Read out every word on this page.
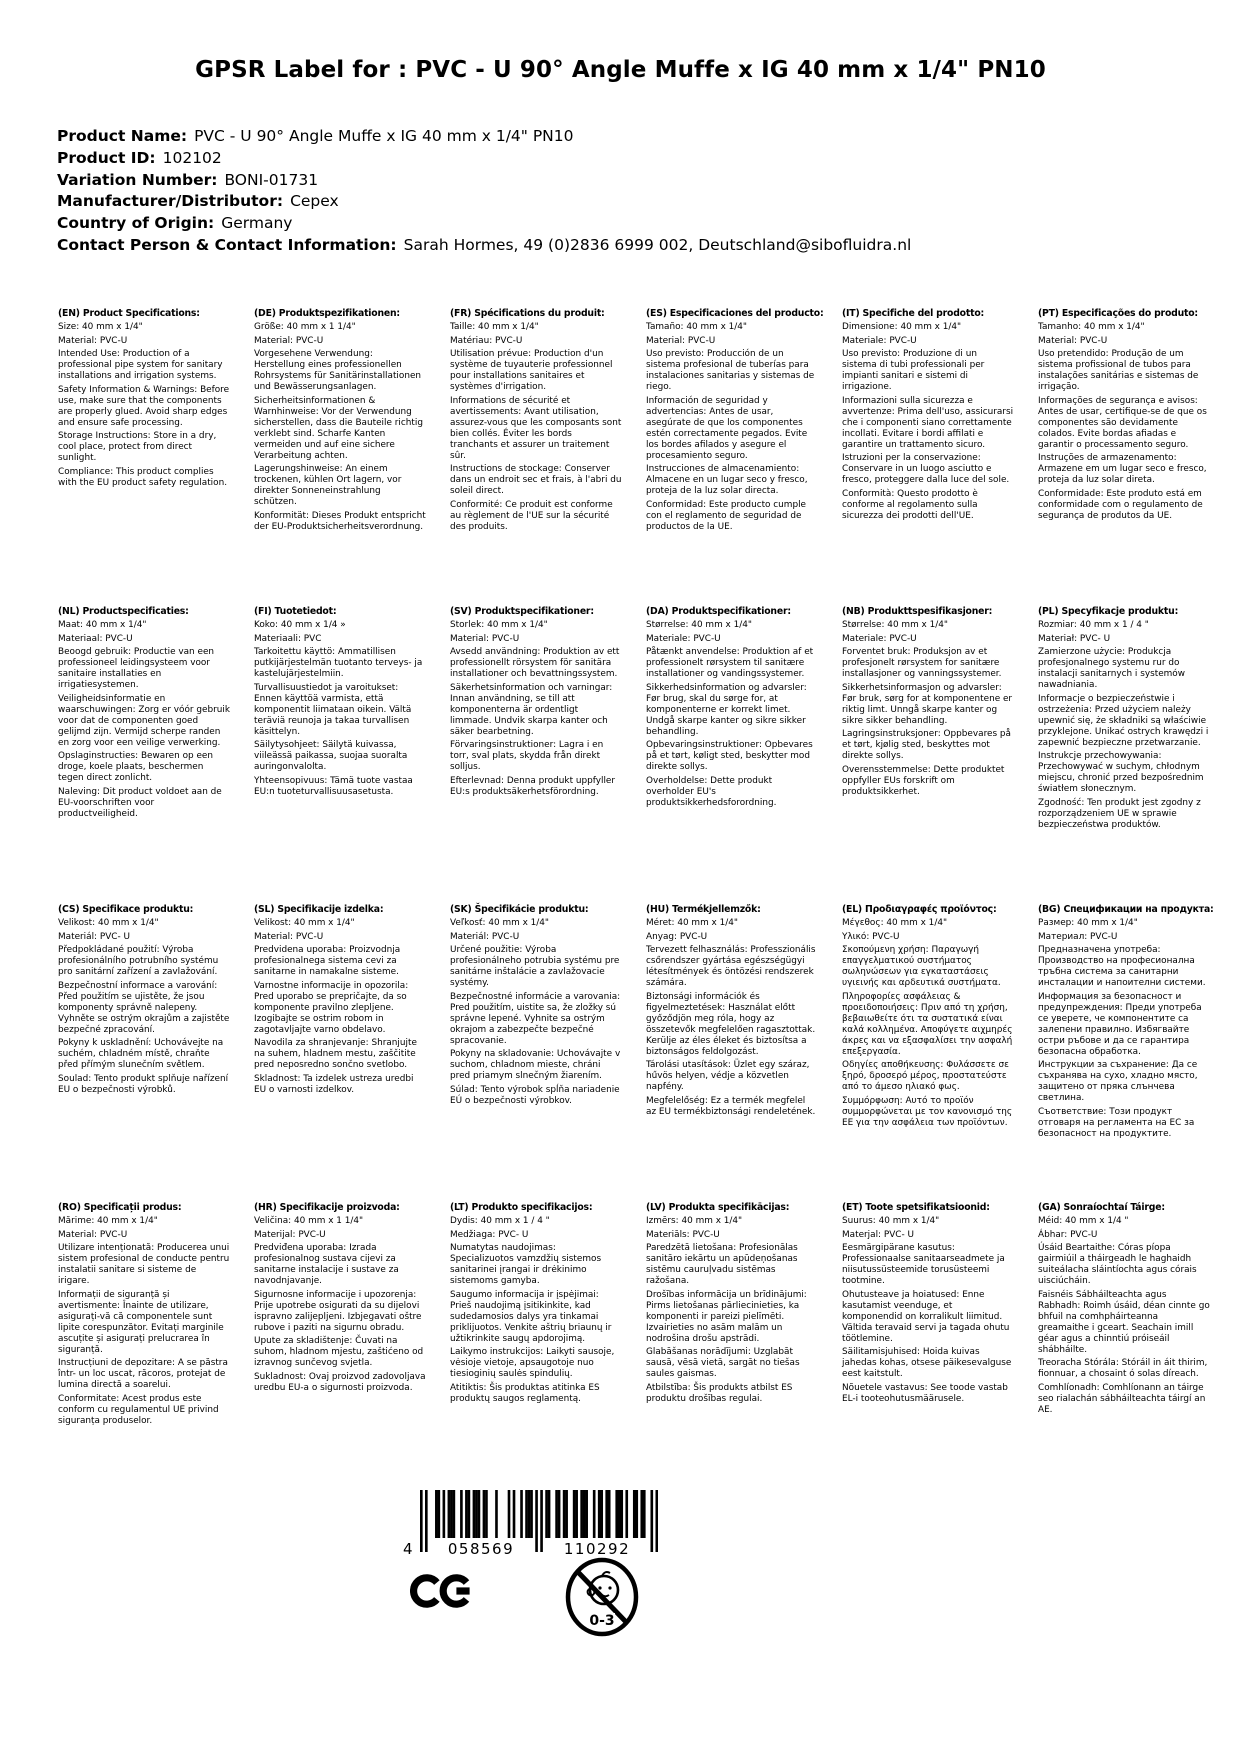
GPSR Label for : PVC - U 90° Angle Muffe x IG 40 mm x 1/4" PN10
Product Name: PVC - U 90° Angle Muffe x IG 40 mm x 1/4" PN10
Product ID: 102102
Variation Number: BONI-01731
Manufacturer/Distributor: Cepex
Country of Origin: Germany
Contact Person & Contact Information: Sarah Hormes, 49 (0)2836 6999 002, Deutschland@sibofluidra.nl
(EN) Product Specifications:
Size: 40 mm x 1/4"
Material: PVC-U
Intended Use: Production of a professional pipe system for sanitary installations and irrigation systems.
Safety Information & Warnings: Before use, make sure that the components are properly glued. Avoid sharp edges and ensure safe processing.
Storage Instructions: Store in a dry, cool place, protect from direct sunlight.
Compliance: This product complies with the EU product safety regulation.
(DE) Produktspezifikationen:
Größe: 40 mm x 1 1/4"
Material: PVC-U
Vorgesehene Verwendung: Herstellung eines professionellen Rohrsystems für Sanitärinstallationen und Bewässerungsanlagen.
Sicherheitsinformationen & Warnhinweise: Vor der Verwendung sicherstellen, dass die Bauteile richtig verklebt sind. Scharfe Kanten vermeiden und auf eine sichere Verarbeitung achten.
Lagerungshinweise: An einem trockenen, kühlen Ort lagern, vor direkter Sonneneinstrahlung schützen.
Konformität: Dieses Produkt entspricht der EU-Produktsicherheitsverordnung.
(FR) Spécifications du produit:
Taille: 40 mm x 1/4"
Matériau: PVC-U
Utilisation prévue: Production d'un système de tuyauterie professionnel pour installations sanitaires et systèmes d'irrigation.
Informations de sécurité et avertissements: Avant utilisation, assurez-vous que les composants sont bien collés. Éviter les bords tranchants et assurer un traitement sûr.
Instructions de stockage: Conserver dans un endroit sec et frais, à l'abri du soleil direct.
Conformité: Ce produit est conforme au règlement de l'UE sur la sécurité des produits.
(ES) Especificaciones del producto:
Tamaño: 40 mm x 1/4"
Material: PVC-U
Uso previsto: Producción de un sistema profesional de tuberías para instalaciones sanitarias y sistemas de riego.
Información de seguridad y advertencias: Antes de usar, asegúrate de que los componentes estén correctamente pegados. Evite los bordes afilados y asegure el procesamiento seguro.
Instrucciones de almacenamiento: Almacene en un lugar seco y fresco, proteja de la luz solar directa.
Conformidad: Este producto cumple con el reglamento de seguridad de productos de la UE.
(IT) Specifiche del prodotto:
Dimensione: 40 mm x 1/4"
Materiale: PVC-U
Uso previsto: Produzione di un sistema di tubi professionali per impianti sanitari e sistemi di irrigazione.
Informazioni sulla sicurezza e avvertenze: Prima dell'uso, assicurarsi che i componenti siano correttamente incollati. Evitare i bordi affilati e garantire un trattamento sicuro.
Istruzioni per la conservazione: Conservare in un luogo asciutto e fresco, proteggere dalla luce del sole.
Conformità: Questo prodotto è conforme al regolamento sulla sicurezza dei prodotti dell'UE.
(PT) Especificações do produto:
Tamanho: 40 mm x 1/4"
Material: PVC-U
Uso pretendido: Produção de um sistema profissional de tubos para instalações sanitárias e sistemas de irrigação.
Informações de segurança e avisos: Antes de usar, certifique-se de que os componentes são devidamente colados. Evite bordas afiadas e garantir o processamento seguro.
Instruções de armazenamento: Armazene em um lugar seco e fresco, proteja da luz solar direta.
Conformidade: Este produto está em conformidade com o regulamento de segurança de produtos da UE.
(NL) Productspecificaties:
Maat: 40 mm x 1/4"
Materiaal: PVC-U
Beoogd gebruik: Productie van een professioneel leidingsysteem voor sanitaire installaties en irrigatiesystemen.
Veiligheidsinformatie en waarschuwingen: Zorg er vóór gebruik voor dat de componenten goed gelijmd zijn. Vermijd scherpe randen en zorg voor een veilige verwerking.
Opslaginstructies: Bewaren op een droge, koele plaats, beschermen tegen direct zonlicht.
Naleving: Dit product voldoet aan de EU-voorschriften voor productveiligheid.
(FI) Tuotetiedot:
Koko: 40 mm x 1/4 »
Materiaali: PVC
Tarkoitettu käyttö: Ammatillisen putkijärjestelmän tuotanto terveys- ja kastelujärjestelmiin.
Turvallisuustiedot ja varoitukset: Ennen käyttöä varmista, että komponentit liimataan oikein. Vältä teräviä reunoja ja takaa turvallisen käsittelyn.
Säilytysohjeet: Säilytä kuivassa, viileässä paikassa, suojaa suoralta auringonvalolta.
Yhteensopivuus: Tämä tuote vastaa EU:n tuoteturvallisuusasetusta.
(SV) Produktspecifikationer:
Storlek: 40 mm x 1/4"
Material: PVC-U
Avsedd användning: Produktion av ett professionellt rörsystem för sanitära installationer och bevattningssystem.
Säkerhetsinformation och varningar: Innan användning, se till att komponenterna är ordentligt limmade. Undvik skarpa kanter och säker bearbetning.
Förvaringsinstruktioner: Lagra i en torr, sval plats, skydda från direkt solljus.
Efterlevnad: Denna produkt uppfyller EU:s produktsäkerhetsförordning.
(DA) Produktspecifikationer:
Størrelse: 40 mm x 1/4"
Materiale: PVC-U
Påtænkt anvendelse: Produktion af et professionelt rørsystem til sanitære installationer og vandingssystemer.
Sikkerhedsinformation og advarsler: Før brug, skal du sørge for, at komponenterne er korrekt limet. Undgå skarpe kanter og sikre sikker behandling.
Opbevaringsinstruktioner: Opbevares på et tørt, køligt sted, beskytter mod direkte sollys.
Overholdelse: Dette produkt overholder EU's produktsikkerhedsforordning.
(NB) Produkttspesifikasjoner:
Størrelse: 40 mm x 1/4"
Materiale: PVC-U
Forventet bruk: Produksjon av et profesjonelt rørsystem for sanitære installasjoner og vanningssystemer.
Sikkerhetsinformasjon og advarsler: Før bruk, sørg for at komponentene er riktig limt. Unngå skarpe kanter og sikre sikker behandling.
Lagringsinstruksjoner: Oppbevares på et tørt, kjølig sted, beskyttes mot direkte sollys.
Overensstemmelse: Dette produktet oppfyller EUs forskrift om produktsikkerhet.
(PL) Specyfikacje produktu:
Rozmiar: 40 mm x 1 / 4 "
Materiał: PVC- U
Zamierzone użycie: Produkcja profesjonalnego systemu rur do instalacji sanitarnych i systemów nawadniania.
Informacje o bezpieczeństwie i ostrzeżenia: Przed użyciem należy upewnić się, że składniki są właściwie przyklejone. Unikać ostrych krawędzi i zapewnić bezpieczne przetwarzanie.
Instrukcje przechowywania: Przechowywać w suchym, chłodnym miejscu, chronić przed bezpośrednim światłem słonecznym.
Zgodność: Ten produkt jest zgodny z rozporządzeniem UE w sprawie bezpieczeństwa produktów.
(CS) Specifikace produktu:
Velikost: 40 mm x 1/4"
Materiál: PVC- U
Předpokládané použití: Výroba profesionálního potrubního systému pro sanitární zařízení a zavlažování.
Bezpečnostní informace a varování: Před použitím se ujistěte, že jsou komponenty správně nalepeny. Vyhněte se ostrým okrajům a zajistěte bezpečné zpracování.
Pokyny k uskladnění: Uchovávejte na suchém, chladném místě, chraňte před přímým slunečním světlem.
Soulad: Tento produkt splňuje nařízení EU o bezpečnosti výrobků.
(SL) Specifikacije izdelka:
Velikost: 40 mm x 1/4"
Material: PVC-U
Predvidena uporaba: Proizvodnja profesionalnega sistema cevi za sanitarne in namakalne sisteme.
Varnostne informacije in opozorila: Pred uporabo se prepričajte, da so komponente pravilno zlepljene. Izogibajte se ostrim robom in zagotavljajte varno obdelavo.
Navodila za shranjevanje: Shranjujte na suhem, hladnem mestu, zaščitite pred neposredno sončno svetlobo.
Skladnost: Ta izdelek ustreza uredbi EU o varnosti izdelkov.
(SK) Špecifikácie produktu:
Veľkosť: 40 mm x 1/4"
Materiál: PVC-U
Určené použitie: Výroba profesionálneho potrubia systému pre sanitárne inštalácie a zavlažovacie systémy.
Bezpečnostné informácie a varovania: Pred použitím, uistite sa, že zložky sú správne lepené. Vyhnite sa ostrým okrajom a zabezpečte bezpečné spracovanie.
Pokyny na skladovanie: Uchovávajte v suchom, chladnom mieste, chráni pred priamym slnečným žiarením.
Súlad: Tento výrobok spĺňa nariadenie EÚ o bezpečnosti výrobkov.
(HU) Termékjellemzők:
Méret: 40 mm x 1/4"
Anyag: PVC-U
Tervezett felhasználás: Professzionális csőrendszer gyártása egészségügyi létesítmények és öntözési rendszerek számára.
Biztonsági információk és figyelmeztetések: Használat előtt győződjön meg róla, hogy az összetevők megfelelően ragasztottak. Kerülje az éles éleket és biztosítsa a biztonságos feldolgozást.
Tárolási utasítások: Üzlet egy száraz, hűvös helyen, védje a közvetlen napfény.
Megfelelőség: Ez a termék megfelel az EU termékbiztonsági rendeletének.
(EL) Προδιαγραφές προϊόντος:
Μέγεθος: 40 mm x 1/4"
Υλικό: PVC-U
Σκοπούμενη χρήση: Παραγωγή επαγγελματικού συστήματος σωληνώσεων για εγκαταστάσεις υγιεινής και αρδευτικά συστήματα.
Πληροφορίες ασφάλειας & προειδοποιήσεις: Πριν από τη χρήση, βεβαιωθείτε ότι τα συστατικά είναι καλά κολλημένα. Αποφύγετε αιχμηρές άκρες και να εξασφαλίσει την ασφαλή επεξεργασία.
Οδηγίες αποθήκευσης: Φυλάσσετε σε ξηρό, δροσερό μέρος, προστατεύστε από το άμεσο ηλιακό φως.
Συμμόρφωση: Αυτό το προϊόν συμμορφώνεται με τον κανονισμό της ΕΕ για την ασφάλεια των προϊόντων.
(BG) Спецификации на продукта:
Размер: 40 mm x 1/4"
Материал: PVC-U
Предназначена употреба: Производство на професионална тръбна система за санитарни инсталации и напоителни системи.
Информация за безопасност и предупреждения: Преди употреба се уверете, че компонентите са залепени правилно. Избягвайте остри ръбове и да се гарантира безопасна обработка.
Инструкции за съхранение: Да се съхранява на сухо, хладно място, защитено от пряка слънчева светлина.
Съответствие: Този продукт отговаря на регламента на ЕС за безопасност на продуктите.
(RO) Specificații produs:
Mărime: 40 mm x 1/4"
Material: PVC-U
Utilizare intenționată: Producerea unui sistem profesional de conducte pentru instalatii sanitare si sisteme de irigare.
Informații de siguranță și avertismente: Înainte de utilizare, asigurați-vă că componentele sunt lipite corespunzător. Evitați marginile ascuțite și asigurați prelucrarea în siguranță.
Instrucțiuni de depozitare: A se păstra într- un loc uscat, răcoros, protejat de lumina directă a soarelui.
Conformitate: Acest produs este conform cu regulamentul UE privind siguranța produselor.
(HR) Specifikacije proizvoda:
Veličina: 40 mm x 1 1/4"
Materijal: PVC-U
Predviđena uporaba: Izrada profesionalnog sustava cijevi za sanitarne instalacije i sustave za navodnjavanje.
Sigurnosne informacije i upozorenja: Prije upotrebe osigurati da su dijelovi ispravno zalijepljeni. Izbjegavati oštre rubove i paziti na sigurnu obradu.
Upute za skladištenje: Čuvati na suhom, hladnom mjestu, zaštićeno od izravnog sunčevog svjetla.
Sukladnost: Ovaj proizvod zadovoljava uredbu EU-a o sigurnosti proizvoda.
(LT) Produkto specifikacijos:
Dydis: 40 mm x 1 / 4 "
Medžiaga: PVC- U
Numatytas naudojimas: Specializuotos vamzdžių sistemos sanitarinei įrangai ir drėkinimo sistemoms gamyba.
Saugumo informacija ir įspėjimai: Prieš naudojimą įsitikinkite, kad sudedamosios dalys yra tinkamai priklijuotos. Venkite aštrių briaunų ir užtikrinkite saugų apdorojimą.
Laikymo instrukcijos: Laikyti sausoje, vėsioje vietoje, apsaugotoje nuo tiesioginių saulės spindulių.
Atitiktis: Šis produktas atitinka ES produktų saugos reglamentą.
(LV) Produkta specifikācijas:
Izmērs: 40 mm x 1/4"
Materiāls: PVC-U
Paredzētā lietošana: Profesionālas sanitāro iekārtu un apūdeņošanas sistēmu cauruļvadu sistēmas ražošana.
Drošības informācija un brīdinājumi: Pirms lietošanas pārliecinieties, ka komponenti ir pareizi pielīmēti. Izvairieties no asām malām un nodrošina drošu apstrādi.
Glabāšanas norādījumi: Uzglabāt sausā, vēsā vietā, sargāt no tiešas saules gaismas.
Atbilstība: Šis produkts atbilst ES produktu drošības regulai.
(ET) Toote spetsifikatsioonid:
Suurus: 40 mm x 1/4"
Materjal: PVC- U
Eesmärgipärane kasutus: Professionaalse sanitaarseadmete ja niisutussüsteemide torusüsteemi tootmine.
Ohutusteave ja hoiatused: Enne kasutamist veenduge, et komponendid on korralikult liimitud. Vältida teravaid servi ja tagada ohutu töötlemine.
Säilitamisjuhised: Hoida kuivas jahedas kohas, otsese päikesevalguse eest kaitstult.
Nõuetele vastavus: See toode vastab EL-i tooteohutusmäärusele.
(GA) Sonraíochtaí Táirge:
Méid: 40 mm x 1/4 "
Ábhar: PVC-U
Úsáid Beartaithe: Córas píopa gairmiúil a tháirgeadh le haghaidh suiteálacha sláintíochta agus córais uisciúcháin.
Faisnéis Sábháilteachta agus Rabhadh: Roimh úsáid, déan cinnte go bhfuil na comhpháirteanna greamaithe i gceart. Seachain imill géar agus a chinntiú próiseáil shábháilte.
Treoracha Stórála: Stóráil in áit thirim, fionnuar, a chosaint ó solas díreach.
Comhlíonadh: Comhlíonann an táirge seo rialachán sábháilteachta táirgí an AE.
4	058569	110292
0-3
